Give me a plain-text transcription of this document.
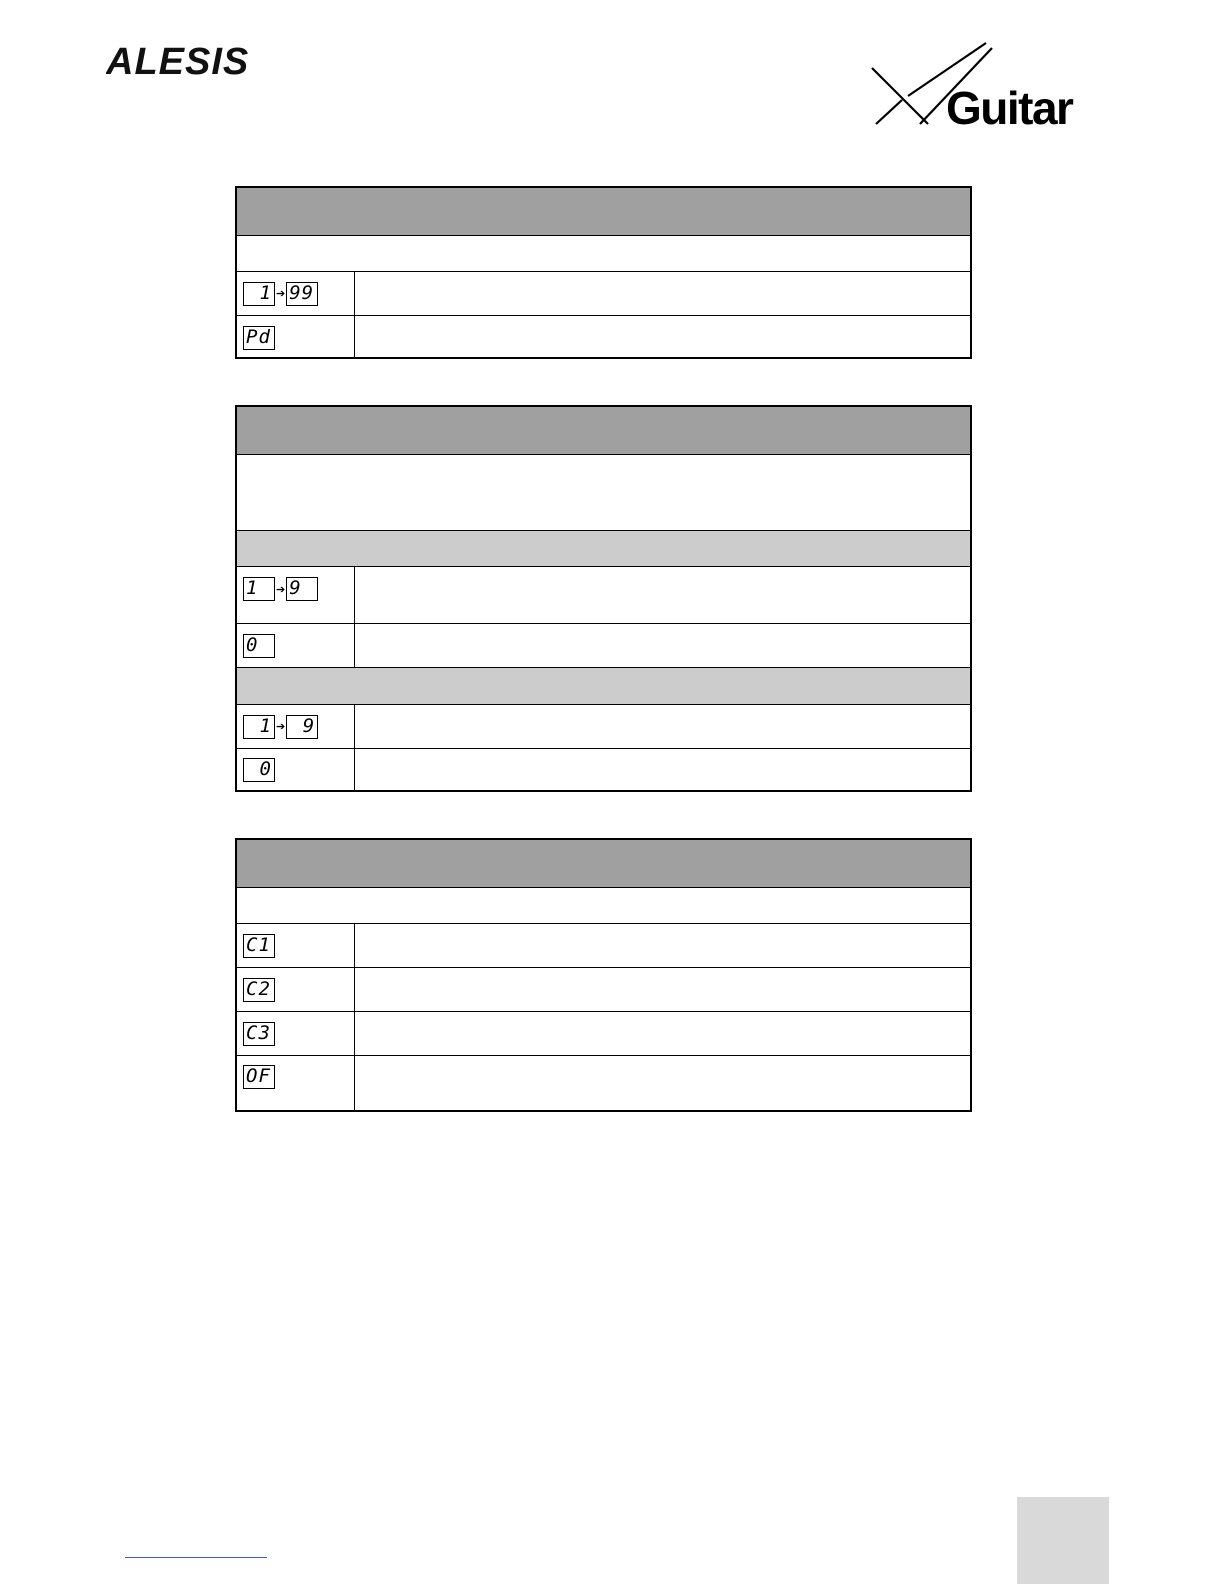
ALESIS
Guitar
1 ➔ 99
Pd
1	➔ 9
0
1 ➔ 9
0
C1
C2
C3
OF
